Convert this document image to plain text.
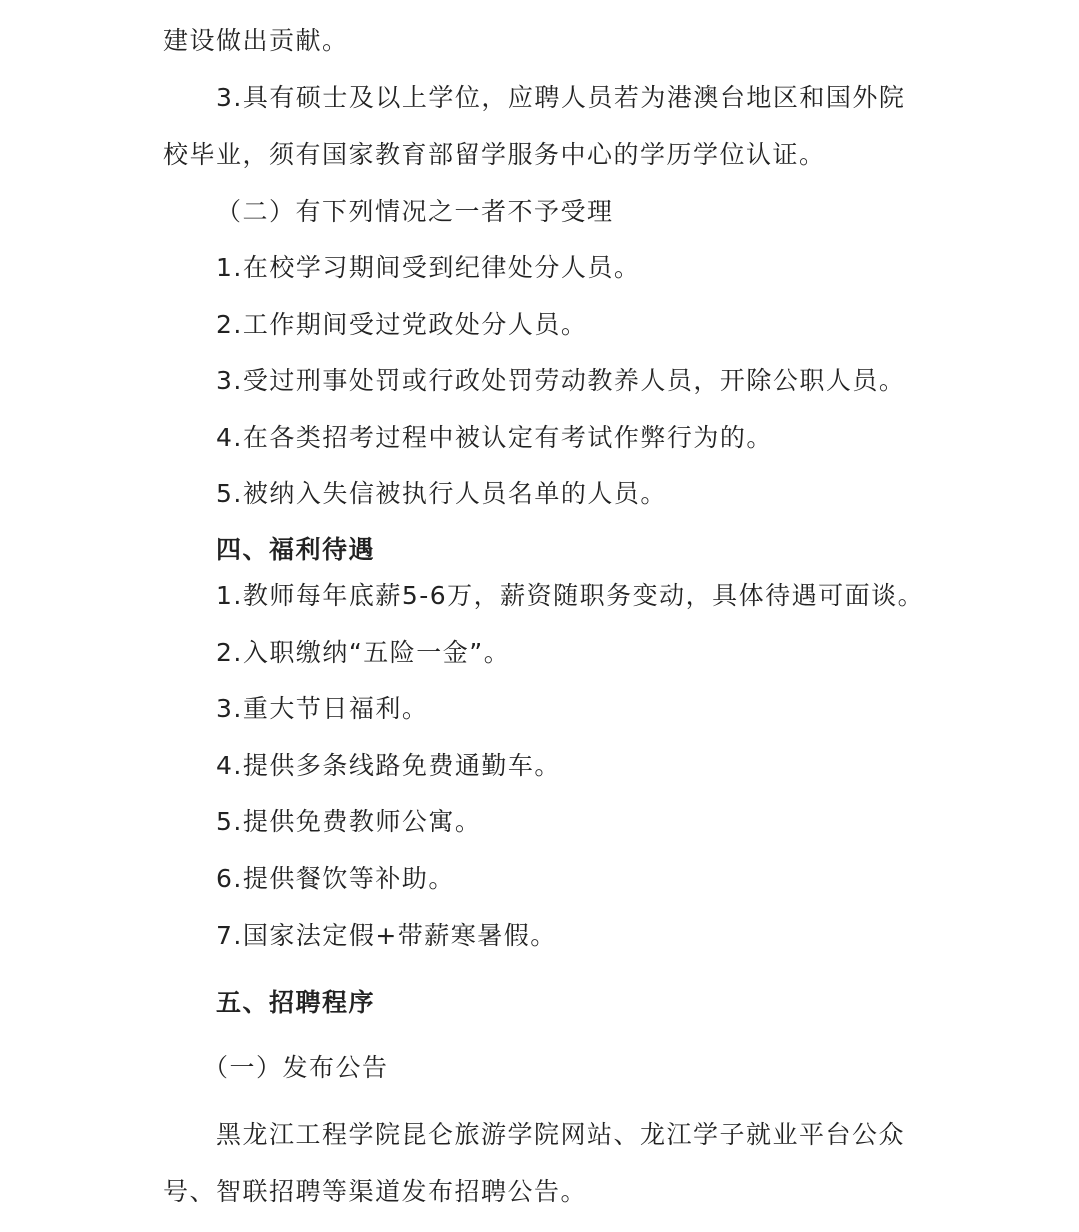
建设做出贡献。
3.具有硕士及以上学位，应聘人员若为港澳台地区和国外院
校毕业，须有国家教育部留学服务中心的学历学位认证。
（二）有下列情况之一者不予受理
1.在校学习期间受到纪律处分人员。
2.工作期间受过党政处分人员。
3.受过刑事处罚或行政处罚劳动教养人员，开除公职人员。
4.在各类招考过程中被认定有考试作弊行为的。
5.被纳入失信被执行人员名单的人员。
四、福利待遇
1.教师每年底薪5-6万，薪资随职务变动，具体待遇可面谈。
2.入职缴纳“五险一金”。
3.重大节日福利。
4.提供多条线路免费通勤车。
5.提供免费教师公寓。
6.提供餐饮等补助。
7.国家法定假+带薪寒暑假。
五、招聘程序
（一）发布公告
黑龙江工程学院昆仑旅游学院网站、龙江学子就业平台公众
号、智联招聘等渠道发布招聘公告。
